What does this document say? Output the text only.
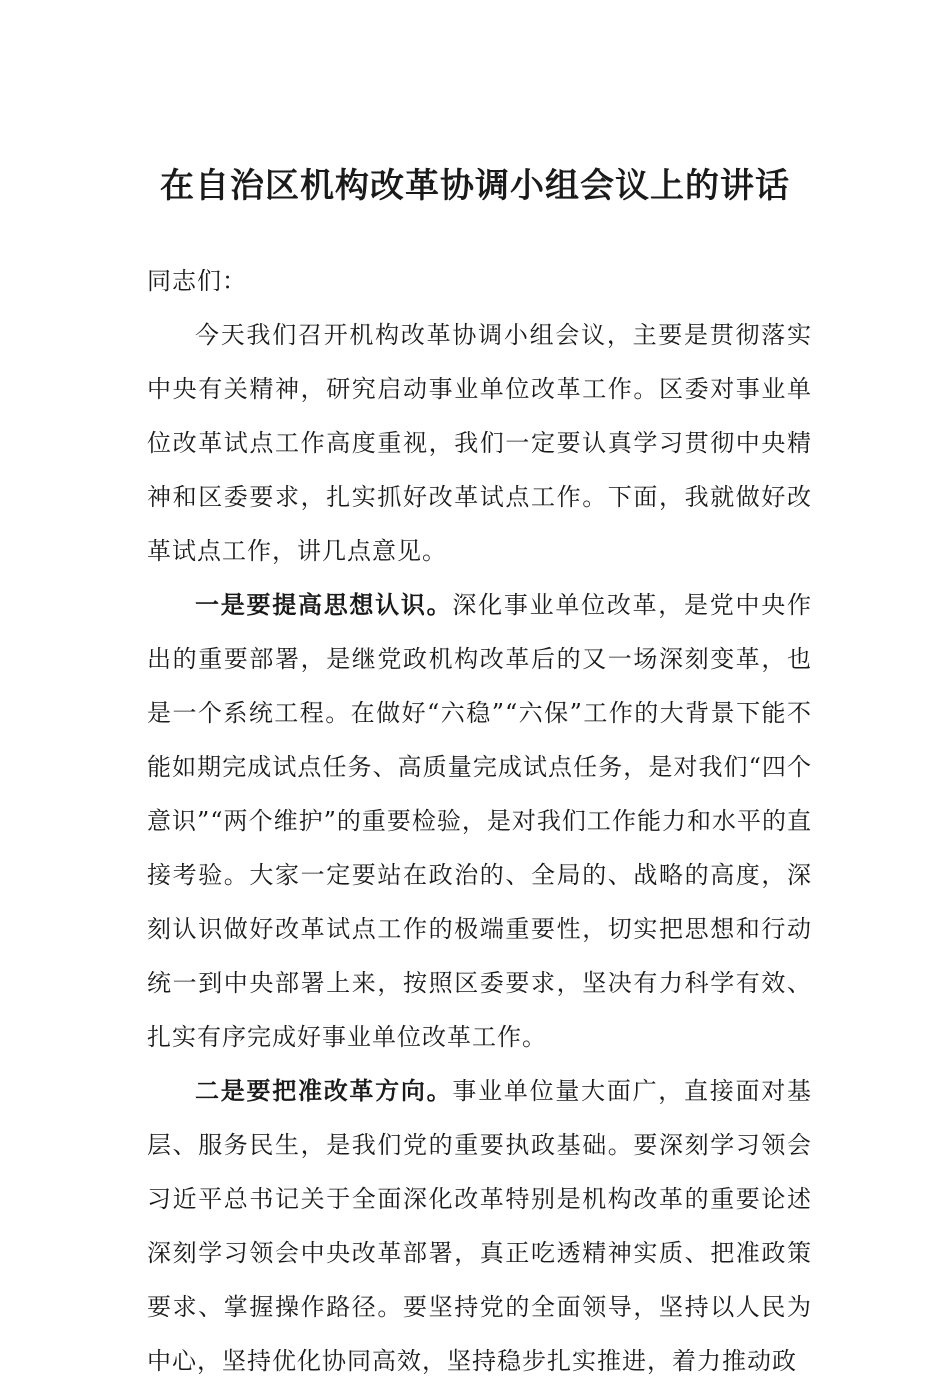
在自治区机构改革协调小组会议上的讲话

同志们：

今天我们召开机构改革协调小组会议，主要是贯彻落实中央有关精神，研究启动事业单位改革工作。区委对事业单位改革试点工作高度重视，我们一定要认真学习贯彻中央精神和区委要求，扎实抓好改革试点工作。下面，我就做好改革试点工作，讲几点意见。

一是要提高思想认识。深化事业单位改革，是党中央作出的重要部署，是继党政机构改革后的又一场深刻变革，也是一个系统工程。在做好“六稳”“六保”工作的大背景下能不能如期完成试点任务、高质量完成试点任务，是对我们“四个意识”“两个维护”的重要检验，是对我们工作能力和水平的直接考验。大家一定要站在政治的、全局的、战略的高度，深刻认识做好改革试点工作的极端重要性，切实把思想和行动统一到中央部署上来，按照区委要求，坚决有力科学有效、扎实有序完成好事业单位改革工作。

二是要把准改革方向。事业单位量大面广，直接面对基层、服务民生，是我们党的重要执政基础。要深刻学习领会习近平总书记关于全面深化改革特别是机构改革的重要论述深刻学习领会中央改革部署，真正吃透精神实质、把准政策要求、掌握操作路径。要坚持党的全面领导，坚持以人民为中心，坚持优化协同高效，坚持稳步扎实推进，着力推动政
